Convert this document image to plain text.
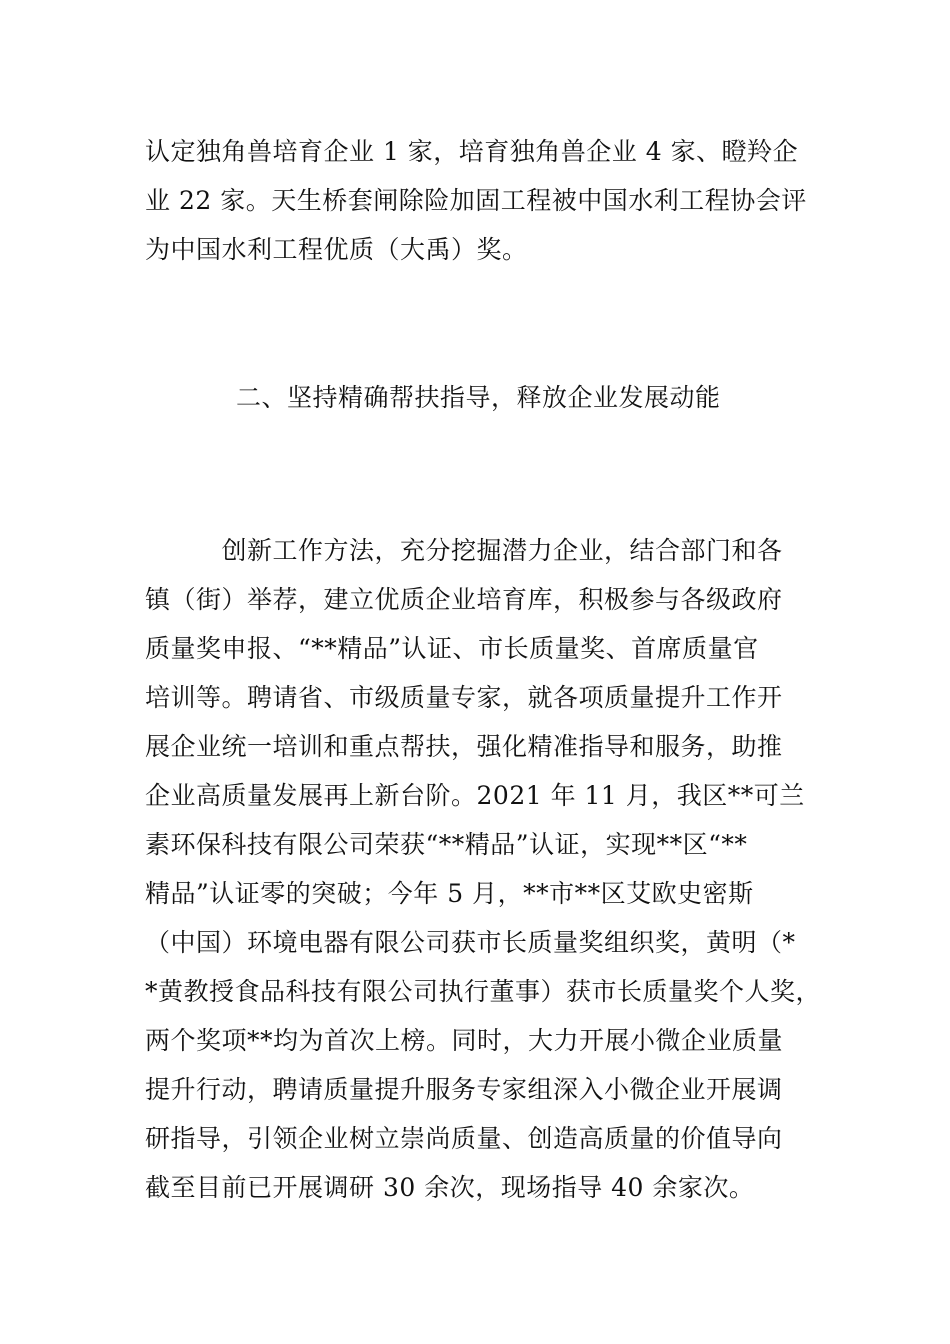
认定独角兽培育企业 1 家，培育独角兽企业 4 家、瞪羚企
业 22 家。天生桥套闸除险加固工程被中国水利工程协会评
为中国水利工程优质（大禹）奖。
二、坚持精确帮扶指导，释放企业发展动能
　　　创新工作方法，充分挖掘潜力企业，结合部门和各
镇（街）举荐，建立优质企业培育库，积极参与各级政府
质量奖申报、“**精品”认证、市长质量奖、首席质量官
培训等。聘请省、市级质量专家，就各项质量提升工作开
展企业统一培训和重点帮扶，强化精准指导和服务，助推
企业高质量发展再上新台阶。2021 年 11 月，我区**可兰
素环保科技有限公司荣获“**精品”认证，实现**区“**
精品”认证零的突破；今年 5 月，**市**区艾欧史密斯
（中国）环境电器有限公司获市长质量奖组织奖，黄明（*
*黄教授食品科技有限公司执行董事）获市长质量奖个人奖，
两个奖项**均为首次上榜。同时，大力开展小微企业质量
提升行动，聘请质量提升服务专家组深入小微企业开展调
研指导，引领企业树立崇尚质量、创造高质量的价值导向
截至目前已开展调研 30 余次，现场指导 40 余家次。
